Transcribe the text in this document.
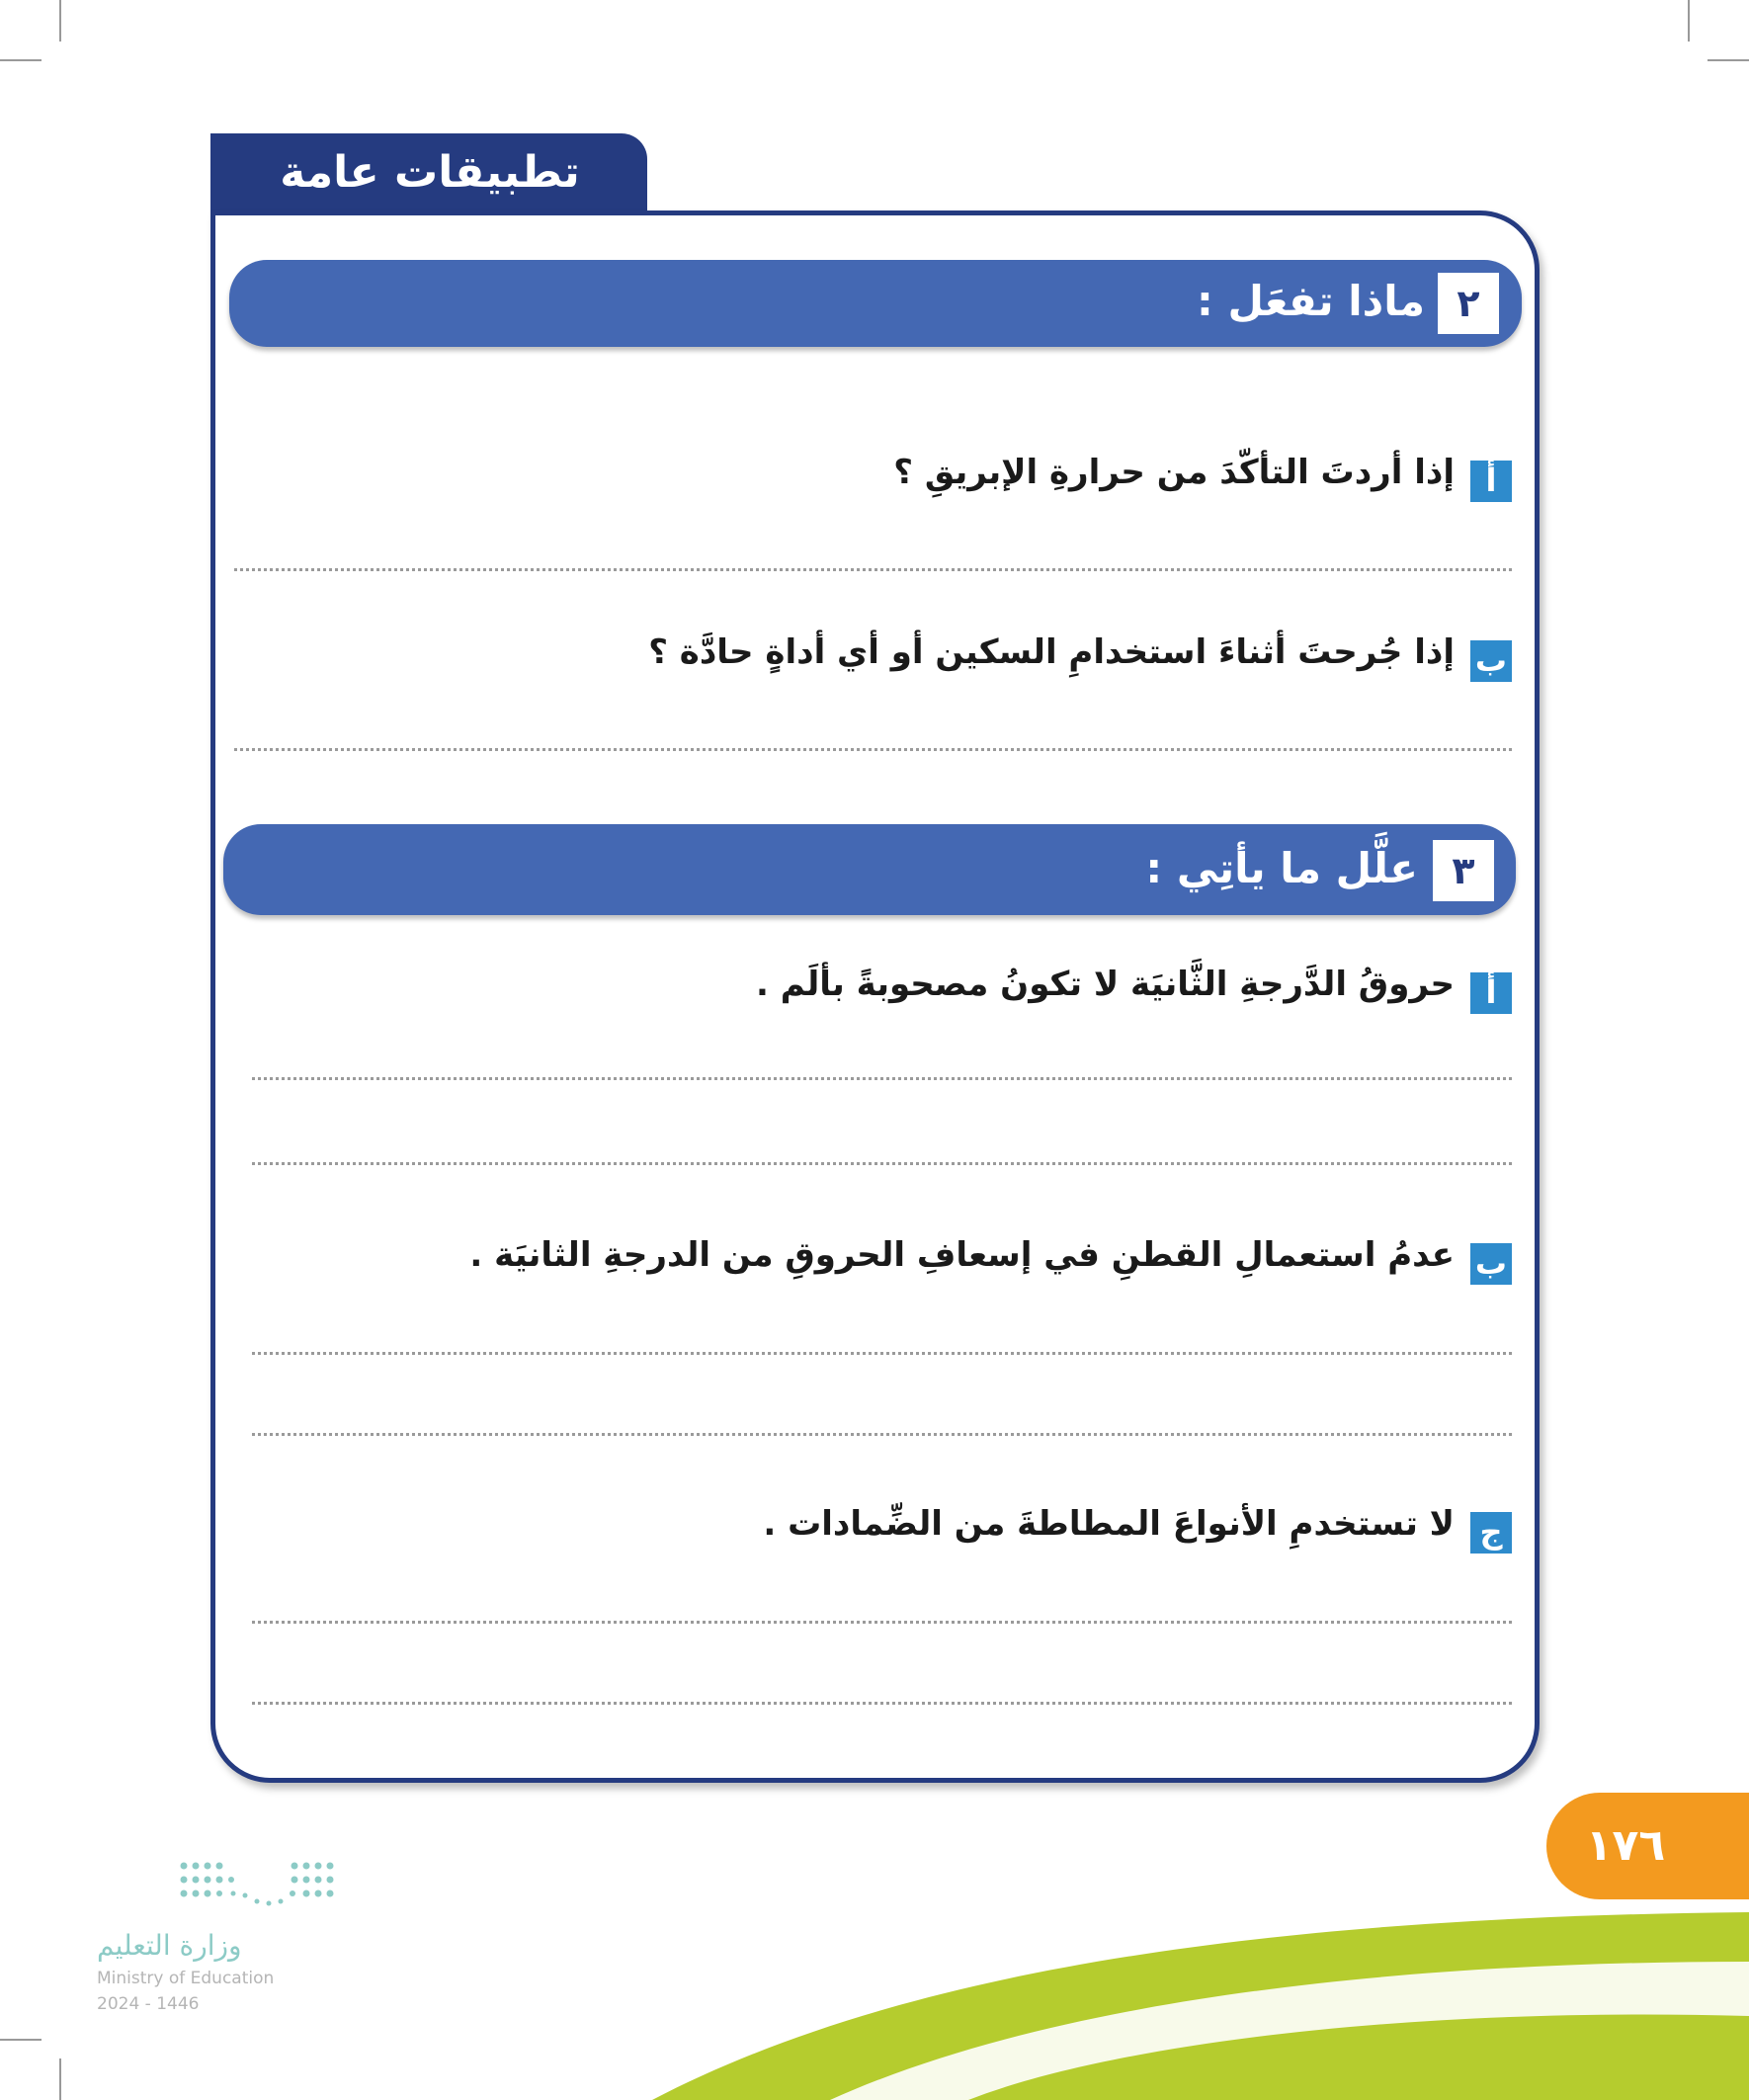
تطبيقات عامة
٢
ماذا تفعَل :
أ
إذا أردتَ التأكّدَ من حرارةِ الإبريقِ ؟
ب
إذا جُرحتَ أثناءَ استخدامِ السكين أو أي أداةٍ حادَّة ؟
٣
علَّل ما يأتِي :
أ
حروقُ الدَّرجةِ الثَّانيَة لا تكونُ مصحوبةً بألَم .
ب
عدمُ استعمالِ القطنِ في إسعافِ الحروقِ من الدرجةِ الثانيَة .
ج
لا تستخدمِ الأنواعَ المطاطةَ من الضِّمادات .
١٧٦
وزارة التعليم
Ministry of Education
2024 - 1446
